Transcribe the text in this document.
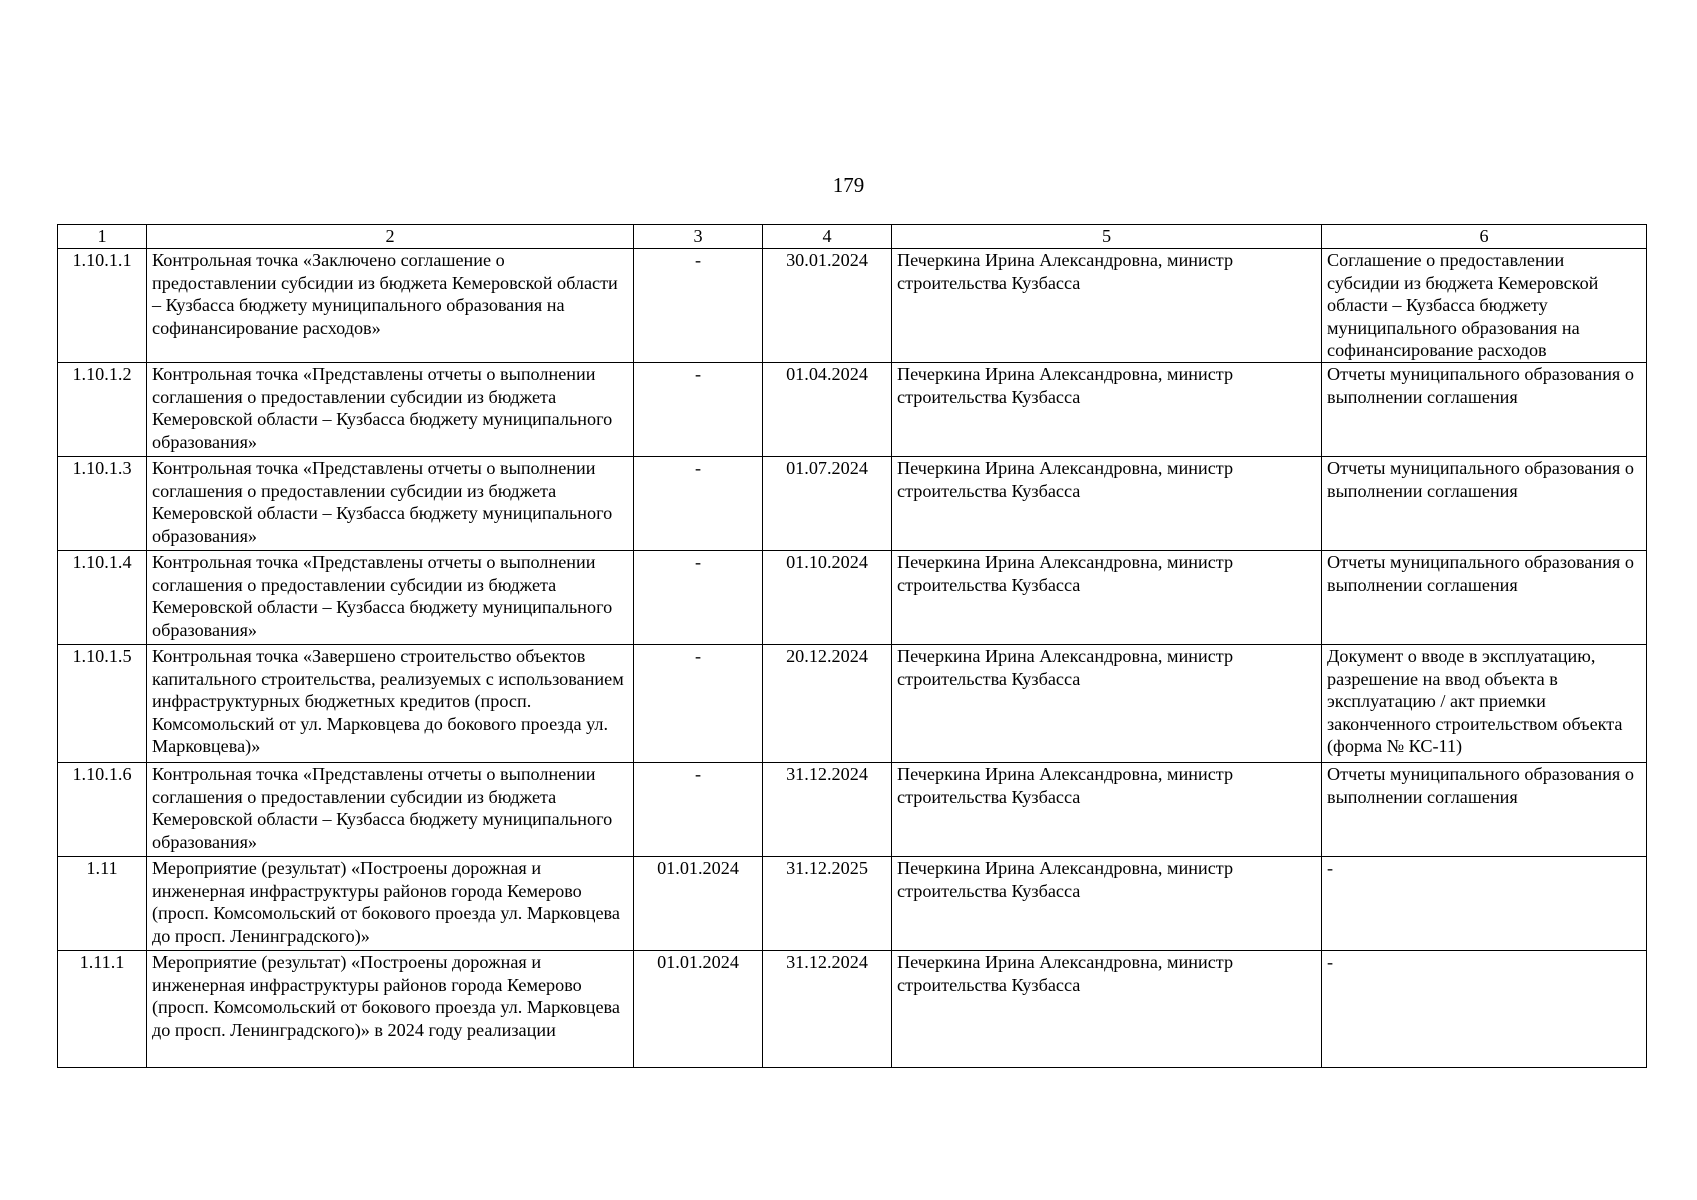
179
1	2	3	4	5	6
1.10.1.1	Контрольная точка «Заключено соглашение о предоставлении субсидии из бюджета Кемеровской области – Кузбасса бюджету муниципального образования на софинансирование расходов»	-	30.01.2024	Печеркина Ирина Александровна, министр строительства Кузбасса	Соглашение о предоставлении субсидии из бюджета Кемеровской области – Кузбасса бюджету муниципального образования на софинансирование расходов
1.10.1.2	Контрольная точка «Представлены отчеты о выполнении соглашения о предоставлении субсидии из бюджета Кемеровской области – Кузбасса бюджету муниципального образования»	-	01.04.2024	Печеркина Ирина Александровна, министр строительства Кузбасса	Отчеты муниципального образования о выполнении соглашения
1.10.1.3	Контрольная точка «Представлены отчеты о выполнении соглашения о предоставлении субсидии из бюджета Кемеровской области – Кузбасса бюджету муниципального образования»	-	01.07.2024	Печеркина Ирина Александровна, министр строительства Кузбасса	Отчеты муниципального образования о выполнении соглашения
1.10.1.4	Контрольная точка «Представлены отчеты о выполнении соглашения о предоставлении субсидии из бюджета Кемеровской области – Кузбасса бюджету муниципального образования»	-	01.10.2024	Печеркина Ирина Александровна, министр строительства Кузбасса	Отчеты муниципального образования о выполнении соглашения
1.10.1.5	Контрольная точка «Завершено строительство объектов капитального строительства, реализуемых с использованием инфраструктурных бюджетных кредитов (просп. Комсомольский от ул. Марковцева до бокового проезда ул. Марковцева)»	-	20.12.2024	Печеркина Ирина Александровна, министр строительства Кузбасса	Документ о вводе в эксплуатацию, разрешение на ввод объекта в эксплуатацию / акт приемки законченного строительством объекта (форма № КС-11)
1.10.1.6	Контрольная точка «Представлены отчеты о выполнении соглашения о предоставлении субсидии из бюджета Кемеровской области – Кузбасса бюджету муниципального образования»	-	31.12.2024	Печеркина Ирина Александровна, министр строительства Кузбасса	Отчеты муниципального образования о выполнении соглашения
1.11	Мероприятие (результат) «Построены дорожная и инженерная инфраструктуры районов города Кемерово (просп. Комсомольский от бокового проезда ул. Марковцева до просп. Ленинградского)»	01.01.2024	31.12.2025	Печеркина Ирина Александровна, министр строительства Кузбасса	-
1.11.1	Мероприятие (результат) «Построены дорожная и инженерная инфраструктуры районов города Кемерово (просп. Комсомольский от бокового проезда ул. Марковцева до просп. Ленинградского)» в 2024 году реализации	01.01.2024	31.12.2024	Печеркина Ирина Александровна, министр строительства Кузбасса	-
